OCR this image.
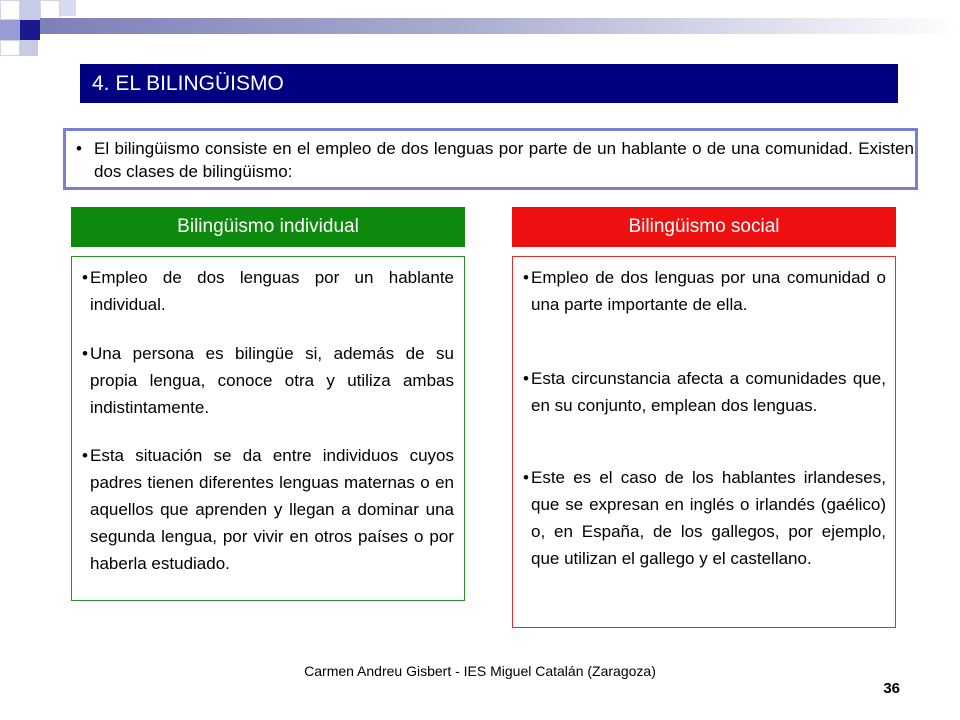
4. EL BILINGÜISMO
• El bilingüismo consiste en el empleo de dos lenguas por parte de un hablante o de una comunidad. Existen dos clases de bilingüismo:
Bilingüismo individual	Bilingüismo social
• Empleo de dos lenguas por un hablante individual.
• Una persona es bilingüe si, además de su propia lengua, conoce otra y utiliza ambas indistintamente.
• Esta situación se da entre individuos cuyos padres tienen diferentes lenguas maternas o en aquellos que aprenden y llegan a dominar una segunda lengua, por vivir en otros países o por haberla estudiado.
• Empleo de dos lenguas por una comunidad o una parte importante de ella.
• Esta circunstancia afecta a comunidades que, en su conjunto, emplean dos lenguas.
• Este es el caso de los hablantes irlandeses, que se expresan en inglés o irlandés (gaélico) o, en España, de los gallegos, por ejemplo, que utilizan el gallego y el castellano.
Carmen Andreu Gisbert - IES Miguel Catalán (Zaragoza)
36
